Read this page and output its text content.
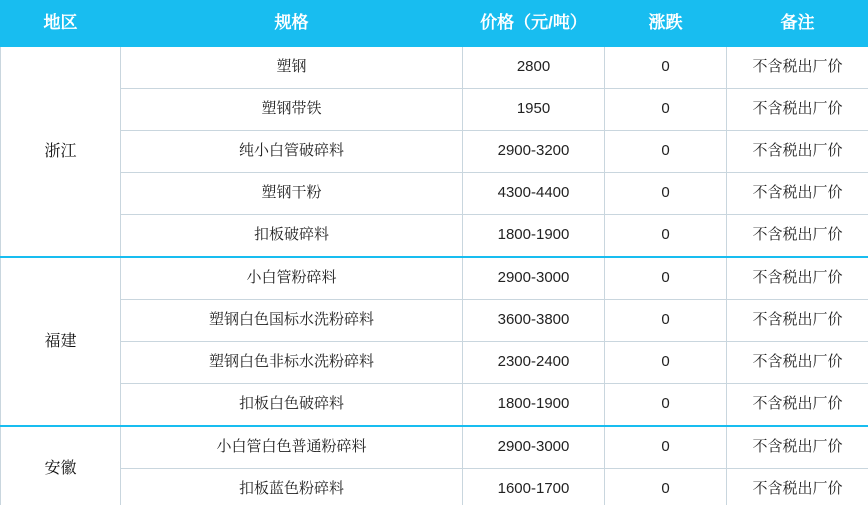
地区	规格	价格（元/吨）	涨跌	备注
浙江	塑钢	2800	0	不含税出厂价
	塑钢带铁	1950	0	不含税出厂价
	纯小白管破碎料	2900-3200	0	不含税出厂价
	塑钢干粉	4300-4400	0	不含税出厂价
	扣板破碎料	1800-1900	0	不含税出厂价
福建	小白管粉碎料	2900-3000	0	不含税出厂价
	塑钢白色国标水洗粉碎料	3600-3800	0	不含税出厂价
	塑钢白色非标水洗粉碎料	2300-2400	0	不含税出厂价
	扣板白色破碎料	1800-1900	0	不含税出厂价
安徽	小白管白色普通粉碎料	2900-3000	0	不含税出厂价
	扣板蓝色粉碎料	1600-1700	0	不含税出厂价
